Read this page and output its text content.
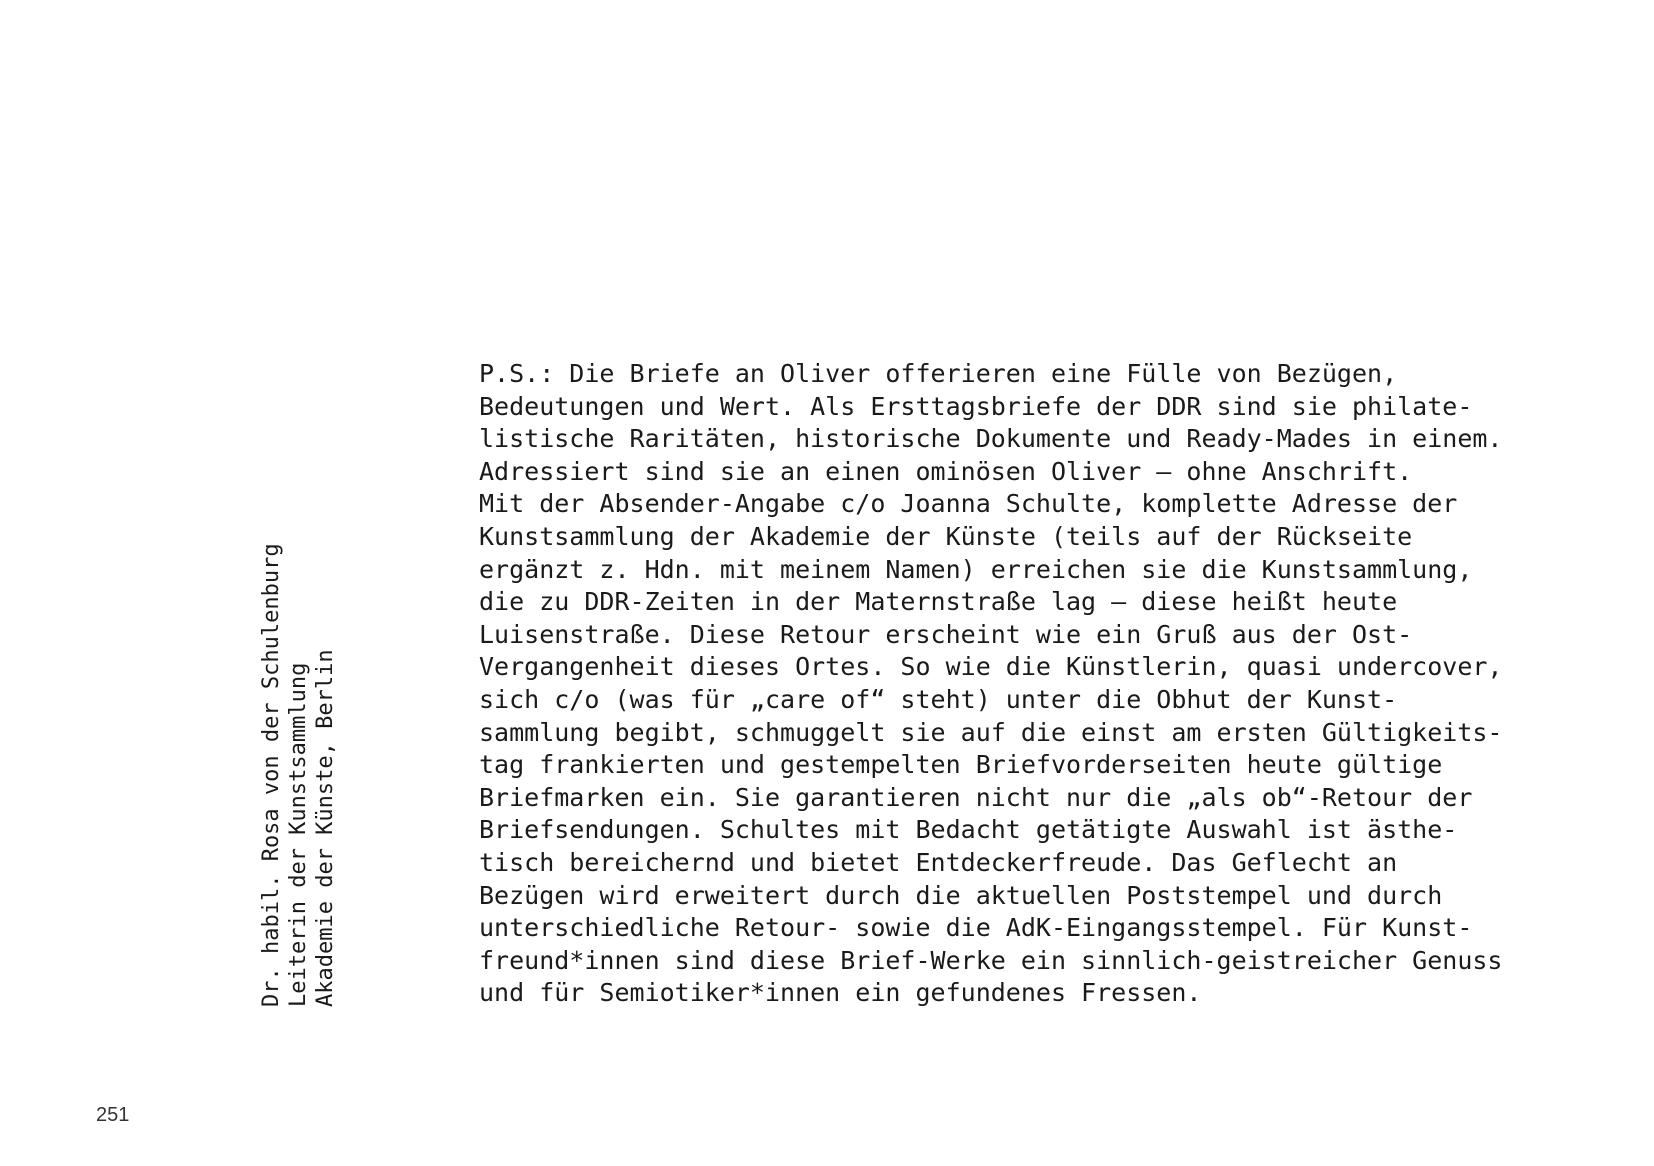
Dr. habil. Rosa von der Schulenburg Leiterin der Kunstsammlung Akademie der Künste, Berlin
P.S.: Die Briefe an Oliver offerieren eine Fülle von Bezügen,
Bedeutungen und Wert. Als Ersttagsbriefe der DDR sind sie philate-
listische Raritäten, historische Dokumente und Ready-Mades in einem.
Adressiert sind sie an einen ominösen Oliver – ohne Anschrift.
Mit der Absender-Angabe c/o Joanna Schulte, komplette Adresse der
Kunstsammlung der Akademie der Künste (teils auf der Rückseite
ergänzt z. Hdn. mit meinem Namen) erreichen sie die Kunstsammlung,
die zu DDR-Zeiten in der Maternstraße lag – diese heißt heute
Luisenstraße. Diese Retour erscheint wie ein Gruß aus der Ost-
Vergangenheit dieses Ortes. So wie die Künstlerin, quasi undercover,
sich c/o (was für „care of“ steht) unter die Obhut der Kunst-
sammlung begibt, schmuggelt sie auf die einst am ersten Gültigkeits-
tag frankierten und gestempelten Briefvorderseiten heute gültige
Briefmarken ein. Sie garantieren nicht nur die „als ob“-Retour der
Briefsendungen. Schultes mit Bedacht getätigte Auswahl ist ästhe-
tisch bereichernd und bietet Entdeckerfreude. Das Geflecht an
Bezügen wird erweitert durch die aktuellen Poststempel und durch
unterschiedliche Retour- sowie die AdK-Eingangsstempel. Für Kunst-
freund*innen sind diese Brief-Werke ein sinnlich-geistreicher Genuss
und für Semiotiker*innen ein gefundenes Fressen.
251
